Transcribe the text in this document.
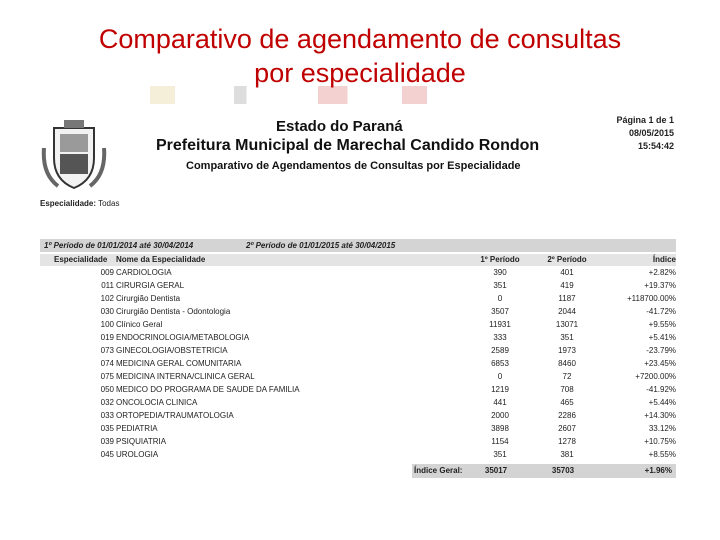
Comparativo de agendamento de consultas
por especialidade
Estado do Paraná
Prefeitura Municipal de Marechal Candido Rondon
Comparativo de Agendamentos de Consultas por Especialidade
Página 1 de 1
08/05/2015
15:54:42
Especialidade: Todas
1º Período de 01/01/2014 até 30/04/2014	2º Período de 01/01/2015 até 30/04/2015
Especialidade Nome da Especialidade	1º Período	2º Período	Índice
009 CARDIOLOGIA	390	401	+2.82%
011 CIRURGIA GERAL	351	419	+19.37%
102 Cirurgião Dentista	0	1187	+118700.00%
030 Cirurgião Dentista - Odontologia	3507	2044	-41.72%
100 Clínico Geral	11931	13071	+9.55%
019 ENDOCRINOLOGIA/METABOLOGIA	333	351	+5.41%
073 GINECOLOGIA/OBSTETRICIA	2589	1973	-23.79%
074 MEDICINA GERAL COMUNITARIA	6853	8460	+23.45%
075 MEDICINA INTERNA/CLINICA GERAL	0	72	+7200.00%
050 MEDICO DO PROGRAMA DE SAUDE DA FAMILIA	1219	708	-41.92%
032 ONCOLOCIA CLINICA	441	465	+5.44%
033 ORTOPEDIA/TRAUMATOLOGIA	2000	2286	+14.30%
035 PEDIATRIA	3898	2607	33.12%
039 PSIQUIATRIA	1154	1278	+10.75%
045 UROLOGIA	351	381	+8.55%
Índice Geral:	35017	35703	+1.96%
